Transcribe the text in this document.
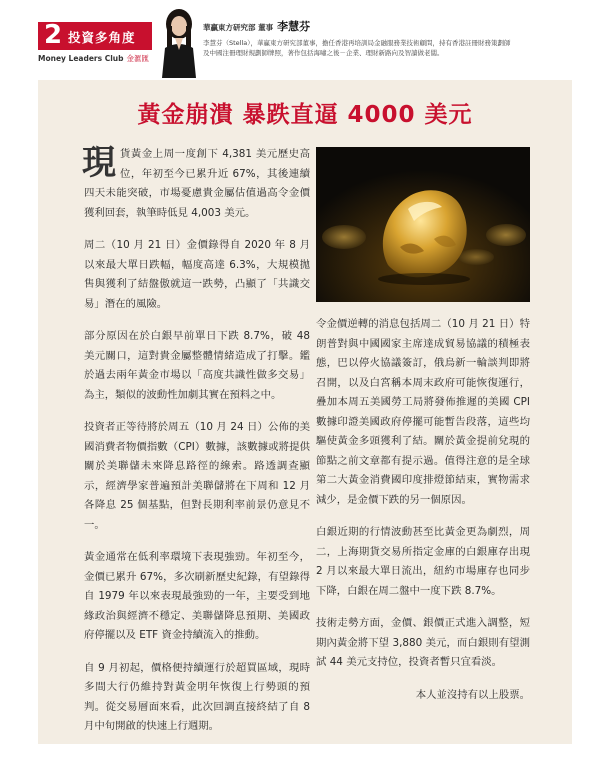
2 投資多角度
Money Leaders Club 金滙匯
華贏東方研究部 董事 李慧芬
李慧芬（Stella），華贏東方研究部董事，擔任香港再培訓局金融服務業技術顧問，持有香港註冊財務策劃師及中國注冊理財規劃師牌照，著作包括海嘯之後－企業、理財新路向及智讀做老闆。
黃金崩潰 暴跌直逼 4000 美元

現貨黃金上周一度創下 4,381 美元歷史高位，年初至今已累升近 67%，其後連續四天未能突破，市場憂慮貴金屬估值過高令金價獲利回套，執筆時低見 4,003 美元。

周二（10 月 21 日）金價錄得自 2020 年 8 月以來最大單日跌幅，幅度高達 6.3%，大規模拋售與獲利了結盤傲就這一跌勢，凸顯了「共識交易」潛在的風險。

部分原因在於白銀早前單日下跌 8.7%，破 48 美元關口，這對貴金屬整體情緒造成了打擊。鑑於過去兩年黃金市場以「高度共識性做多交易」為主，類似的波動性加劇其實在預料之中。

投資者正等待將於周五（10 月 24 日）公佈的美國消費者物價指數（CPI）數據，該數據或將提供關於美聯儲未來降息路徑的線索。路透調查顯示，經濟學家普遍預計美聯儲將在下周和 12 月各降息 25 個基點，但對長期利率前景仍意見不一。

黃金通常在低利率環境下表現強勁。年初至今，金價已累升 67%，多次刷新歷史紀錄，有望錄得自 1979 年以來表現最強勁的一年，主要受到地緣政治與經濟不穩定、美聯儲降息預期、美國政府停擺以及 ETF 資金持續流入的推動。

自 9 月初起，價格便持續運行於超買區域，現時多間大行仍維持對黃金明年恢復上行勢頭的預判。從交易層面來看，此次回調直接終結了自 8 月中旬開啟的快速上行週期。

令金價逆轉的消息包括周二（10 月 21 日）特朗普對與中國國家主席達成貿易協議的積極表態，巴以停火協議簽訂，俄烏新一輪談判即將召開，以及白宮稱本周末政府可能恢復運行，疊加本周五美國勞工局將發佈推遲的美國 CPI 數據印證美國政府停擺可能暫告段落，這些均驅使黃金多頭獲利了結。關於黃金提前兌現的節點之前文章都有提示過。值得注意的是全球第二大黃金消費國印度排燈節結束，實物需求減少，是金價下跌的另一個原因。

白銀近期的行情波動甚至比黃金更為劇烈，周二，上海期貨交易所指定金庫的白銀庫存出現 2 月以來最大單日流出，紐約市場庫存也同步下降，白銀在周二盤中一度下跌 8.7%。

技術走勢方面，金價、銀價正式進入調整，短期內黃金將下望 3,880 美元，而白銀則有望測試 44 美元支持位，投資者暫只宜看淡。

本人並沒持有以上股票。
